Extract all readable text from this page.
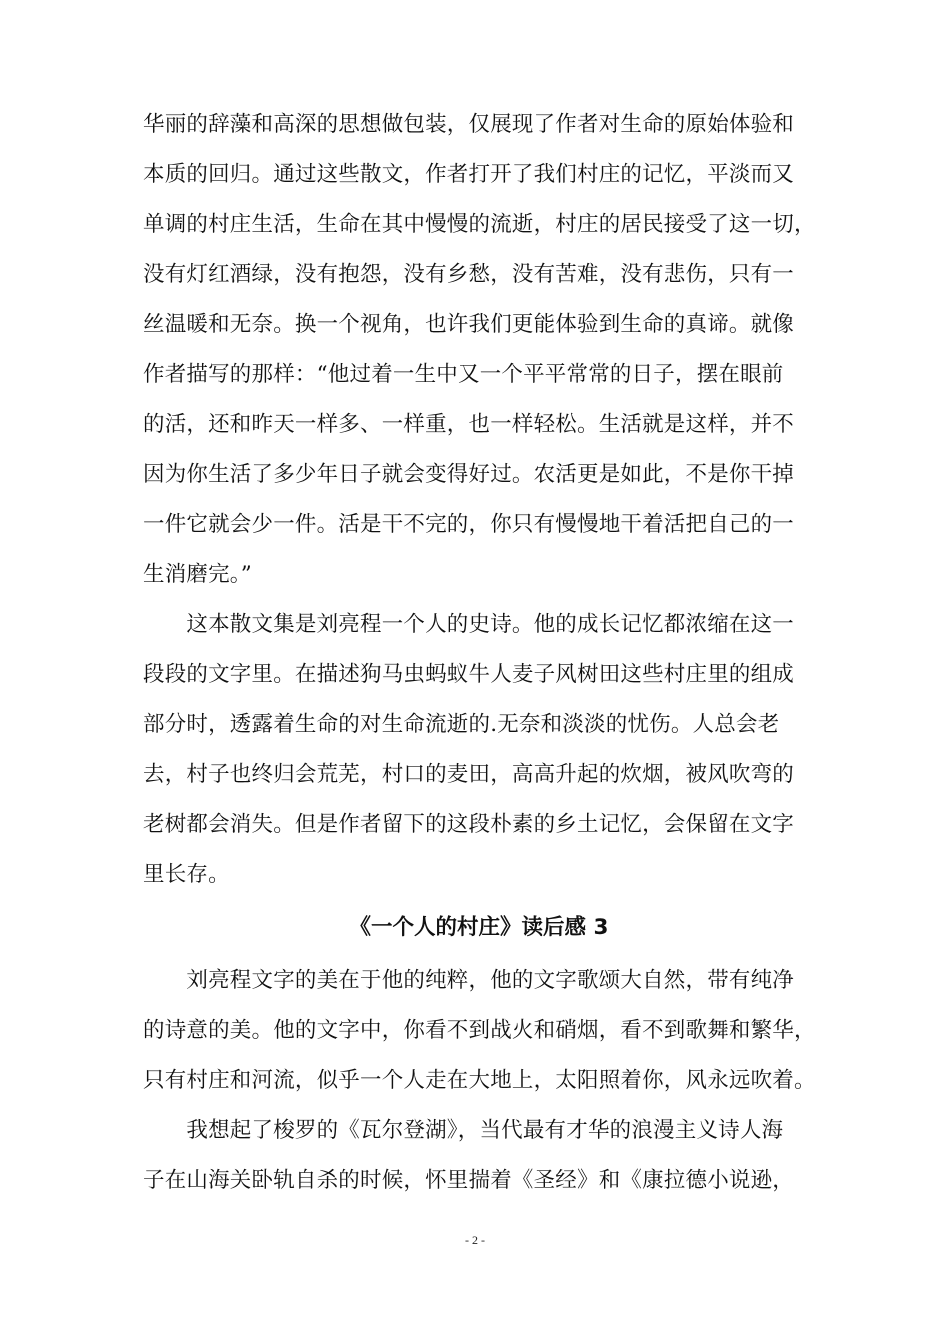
华丽的辞藻和高深的思想做包装，仅展现了作者对生命的原始体验和
本质的回归。通过这些散文，作者打开了我们村庄的记忆，平淡而又
单调的村庄生活，生命在其中慢慢的流逝，村庄的居民接受了这一切，
没有灯红酒绿，没有抱怨，没有乡愁，没有苦难，没有悲伤，只有一
丝温暖和无奈。换一个视角，也许我们更能体验到生命的真谛。就像
作者描写的那样：“他过着一生中又一个平平常常的日子，摆在眼前
的活，还和昨天一样多、一样重，也一样轻松。生活就是这样，并不
因为你生活了多少年日子就会变得好过。农活更是如此，不是你干掉
一件它就会少一件。活是干不完的，你只有慢慢地干着活把自己的一
生消磨完。”
　　这本散文集是刘亮程一个人的史诗。他的成长记忆都浓缩在这一
段段的文字里。在描述狗马虫蚂蚁牛人麦子风树田这些村庄里的组成
部分时，透露着生命的对生命流逝的.无奈和淡淡的忧伤。人总会老
去，村子也终归会荒芜，村口的麦田，高高升起的炊烟，被风吹弯的
老树都会消失。但是作者留下的这段朴素的乡土记忆，会保留在文字
里长存。
《一个人的村庄》读后感 3
　　刘亮程文字的美在于他的纯粹，他的文字歌颂大自然，带有纯净
的诗意的美。他的文字中，你看不到战火和硝烟，看不到歌舞和繁华，
只有村庄和河流，似乎一个人走在大地上，太阳照着你，风永远吹着。
　　我想起了梭罗的《瓦尔登湖》，当代最有才华的浪漫主义诗人海
子在山海关卧轨自杀的时候，怀里揣着《圣经》和《康拉德小说逊，
- 2 -
